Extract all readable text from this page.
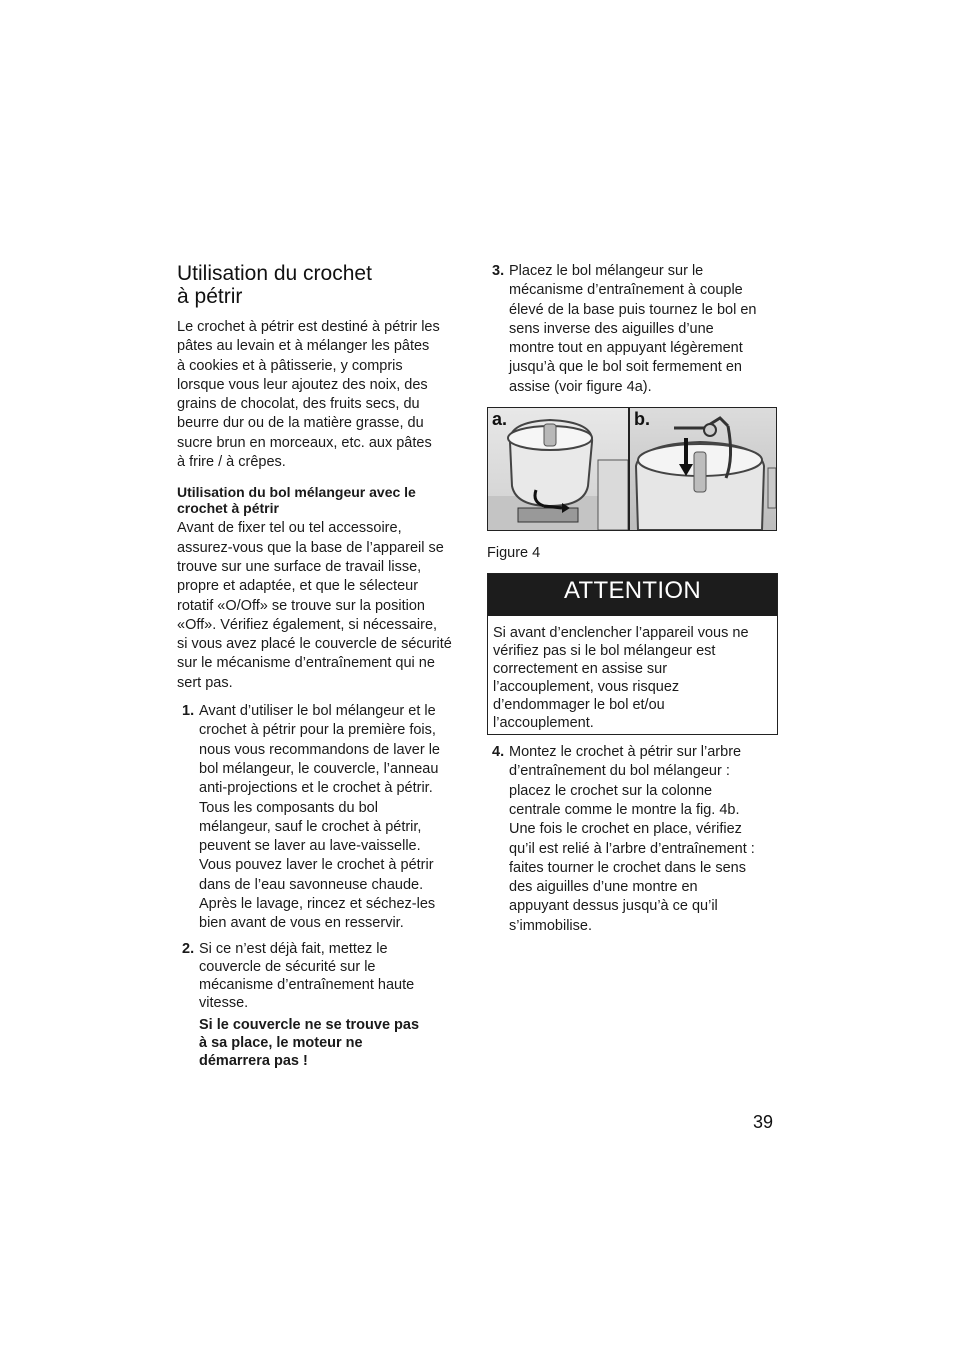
Utilisation du crochet
à pétrir

Le crochet à pétrir est destiné à pétrir les
pâtes au levain et à mélanger les pâtes
à cookies et à pâtisserie, y compris
lorsque vous leur ajoutez des noix, des
grains de chocolat, des fruits secs, du
beurre dur ou de la matière grasse, du
sucre brun en morceaux, etc. aux pâtes
à frire / à crêpes.

Utilisation du bol mélangeur avec le
crochet à pétrir

Avant de fixer tel ou tel accessoire,
assurez-vous que la base de l’appareil se
trouve sur une surface de travail lisse,
propre et adaptée, et que le sélecteur
rotatif «O/Off» se trouve sur la position
«Off». Vérifiez également, si nécessaire,
si vous avez placé le couvercle de sécurité
sur le mécanisme d’entraînement qui ne
sert pas.

1. Avant d’utiliser le bol mélangeur et le
crochet à pétrir pour la première fois,
nous vous recommandons de laver le
bol mélangeur, le couvercle, l’anneau
anti-projections et le crochet à pétrir.
Tous les composants du bol
mélangeur, sauf le crochet à pétrir,
peuvent se laver au lave-vaisselle.
Vous pouvez laver le crochet à pétrir
dans de l’eau savonneuse chaude.
Après le lavage, rincez et séchez-les
bien avant de vous en resservir.
2. Si ce n’est déjà fait, mettez le
couvercle de sécurité sur le
mécanisme d’entraînement haute
vitesse.
Si le couvercle ne se trouve pas
à sa place, le moteur ne
démarrera pas !
3. Placez le bol mélangeur sur le
mécanisme d’entraînement à couple
élevé de la base puis tournez le bol en
sens inverse des aiguilles d’une
montre tout en appuyant légèrement
jusqu’à que le bol soit fermement en
assise (voir figure 4a).
a.	b.
Figure 4
ATTENTION
Si avant d’enclencher l’appareil vous ne
vérifiez pas si le bol mélangeur est
correctement en assise sur
l’accouplement, vous risquez
d’endommager le bol et/ou
l’accouplement.
4. Montez le crochet à pétrir sur l’arbre
d’entraînement du bol mélangeur :
placez le crochet sur la colonne
centrale comme le montre la fig. 4b.
Une fois le crochet en place, vérifiez
qu’il est relié à l’arbre d’entraînement :
faites tourner le crochet dans le sens
des aiguilles d’une montre en
appuyant dessus jusqu’à ce qu’il
s’immobilise.
39
